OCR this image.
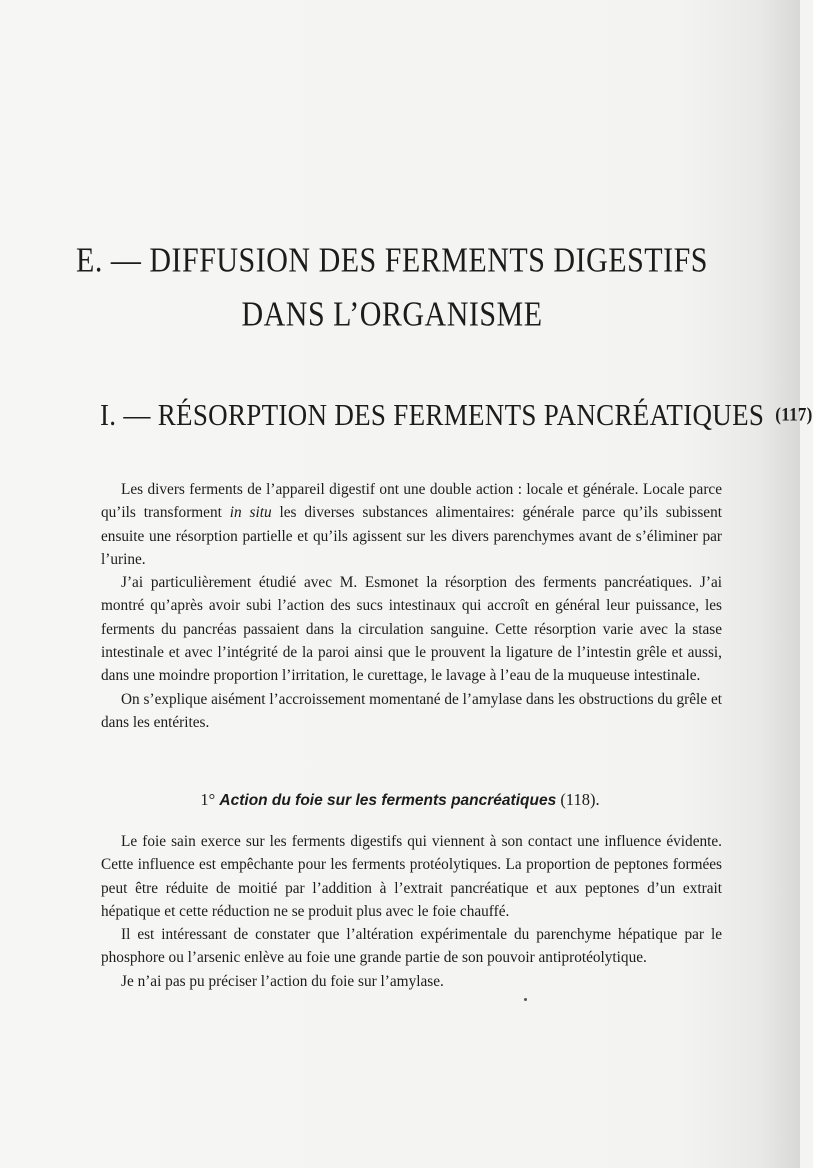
E. — DIFFUSION DES FERMENTS DIGESTIFS
DANS L’ORGANISME
I. — RÉSORPTION DES FERMENTS PANCRÉATIQUES (117)

Les divers ferments de l’appareil digestif ont une double action : locale et générale. Locale parce qu’ils transforment in situ les diverses substances alimentaires: générale parce qu’ils subissent ensuite une résorption partielle et qu’ils agissent sur les divers parenchymes avant de s’éliminer par l’urine.

J’ai particulièrement étudié avec M. Esmonet la résorption des ferments pancréatiques. J’ai montré qu’après avoir subi l’action des sucs intestinaux qui accroît en général leur puissance, les ferments du pancréas passaient dans la circulation sanguine. Cette résorption varie avec la stase intestinale et avec l’intégrité de la paroi ainsi que le prouvent la ligature de l’intestin grêle et aussi, dans une moindre proportion l’irritation, le curettage, le lavage à l’eau de la muqueuse intestinale.

On s’explique aisément l’accroissement momentané de l’amylase dans les obstructions du grêle et dans les entérites.

1° Action du foie sur les ferments pancréatiques (118).

Le foie sain exerce sur les ferments digestifs qui viennent à son contact une influence évidente. Cette influence est empêchante pour les ferments protéolytiques. La proportion de peptones formées peut être réduite de moitié par l’addition à l’extrait pancréatique et aux peptones d’un extrait hépatique et cette réduction ne se produit plus avec le foie chauffé.

Il est intéressant de constater que l’altération expérimentale du parenchyme hépatique par le phosphore ou l’arsenic enlève au foie une grande partie de son pouvoir antiprotéolytique.

Je n’ai pas pu préciser l’action du foie sur l’amylase.
